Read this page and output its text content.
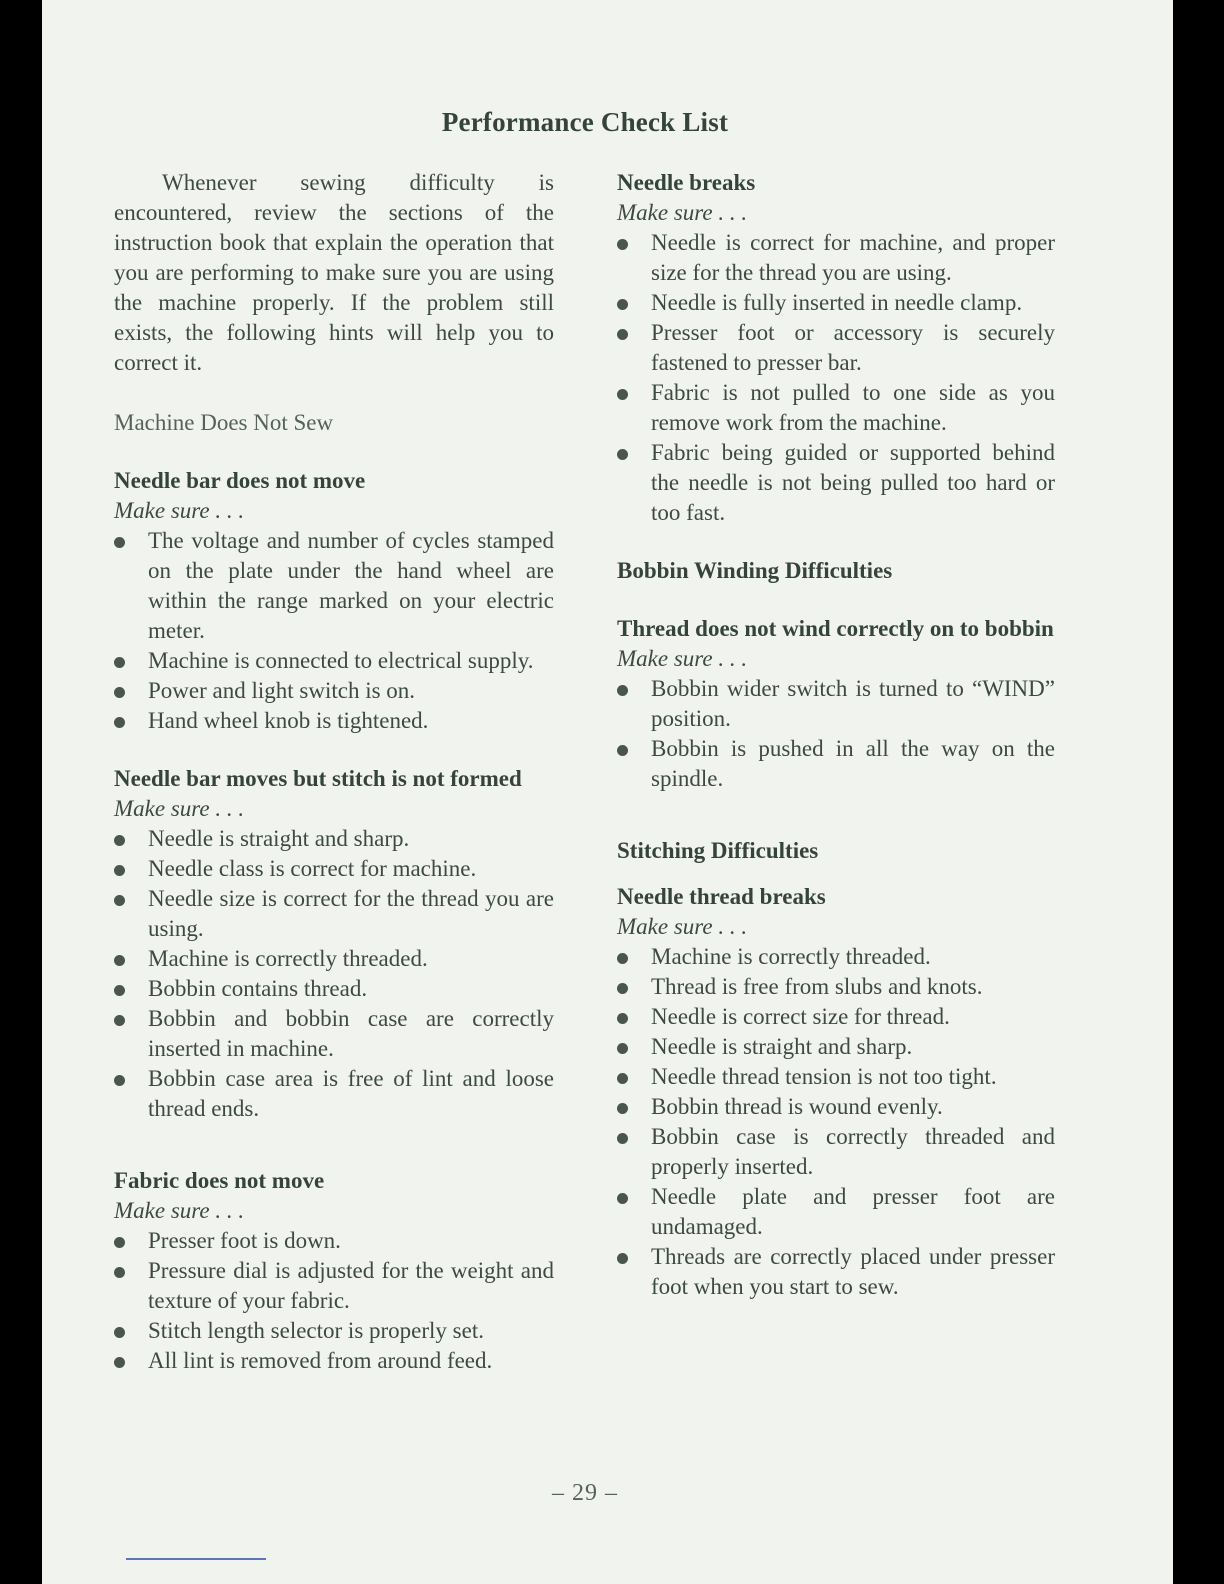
Performance Check List

Whenever sewing difficulty is encountered, review the sections of the instruction book that explain the operation that you are performing to make sure you are using the machine properly. If the problem still exists, the following hints will help you to correct it.

Machine Does Not Sew

Needle bar does not move

Make sure . . .

The voltage and number of cycles stamped on the plate under the hand wheel are within the range marked on your electric meter.
Machine is connected to electrical supply.
Power and light switch is on.
Hand wheel knob is tightened.

Needle bar moves but stitch is not formed

Make sure . . .

Needle is straight and sharp.
Needle class is correct for machine.
Needle size is correct for the thread you are using.
Machine is correctly threaded.
Bobbin contains thread.
Bobbin and bobbin case are correctly inserted in machine.
Bobbin case area is free of lint and loose thread ends.

Fabric does not move

Make sure . . .

Presser foot is down.
Pressure dial is adjusted for the weight and texture of your fabric.
Stitch length selector is properly set.
All lint is removed from around feed.

Needle breaks

Make sure . . .

Needle is correct for machine, and proper size for the thread you are using.
Needle is fully inserted in needle clamp.
Presser foot or accessory is securely fastened to presser bar.
Fabric is not pulled to one side as you remove work from the machine.
Fabric being guided or supported behind the needle is not being pulled too hard or too fast.

Bobbin Winding Difficulties

Thread does not wind correctly on to bobbin

Make sure . . .

Bobbin wider switch is turned to “WIND” position.
Bobbin is pushed in all the way on the spindle.

Stitching Difficulties

Needle thread breaks

Make sure . . .

Machine is correctly threaded.
Thread is free from slubs and knots.
Needle is correct size for thread.
Needle is straight and sharp.
Needle thread tension is not too tight.
Bobbin thread is wound evenly.
Bobbin case is correctly threaded and properly inserted.
Needle plate and presser foot are undamaged.
Threads are correctly placed under presser foot when you start to sew.
– 29 –
